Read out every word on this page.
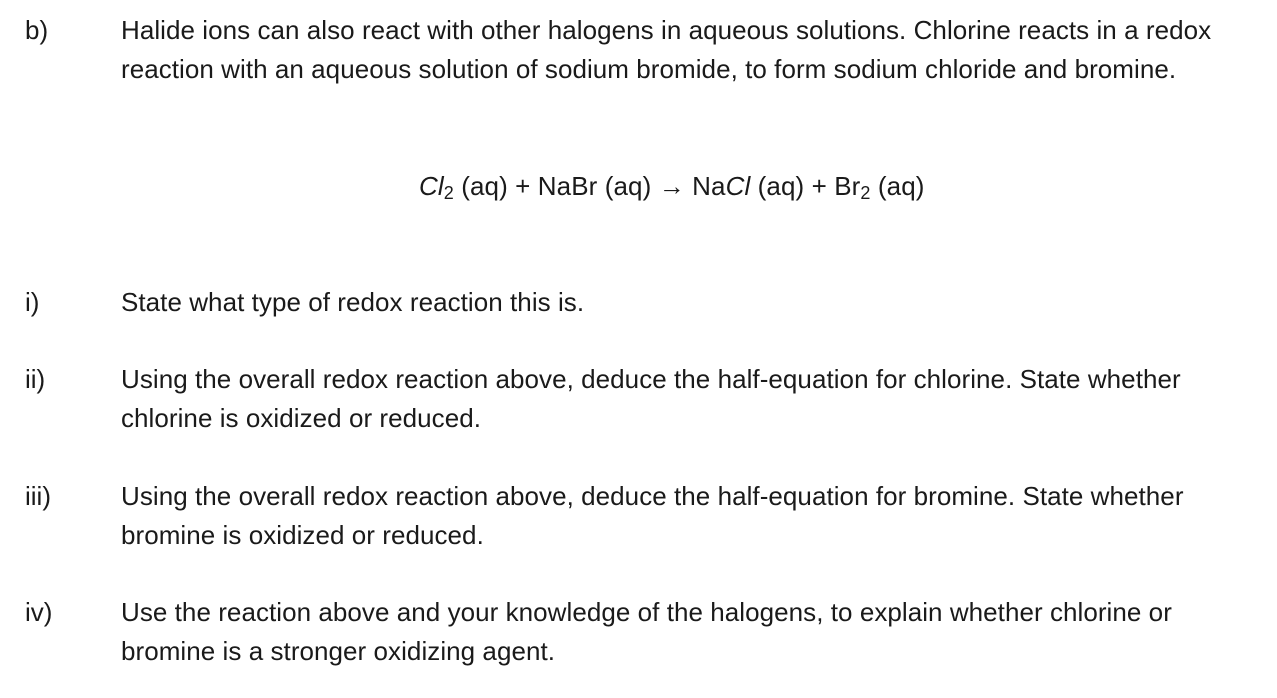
b)	Halide ions can also react with other halogens in aqueous solutions. Chlorine reacts in a redox reaction with an aqueous solution of sodium bromide, to form sodium chloride and bromine.
$Cl_2$ (aq) + NaBr (aq) → NaCl $(aq) + Br_2$ (aq)
i)	State what type of redox reaction this is.
ii)	Using the overall redox reaction above, deduce the half-equation for chlorine. State whether chlorine is oxidized or reduced.
iii)	Using the overall redox reaction above, deduce the half-equation for bromine. State whether bromine is oxidized or reduced.
iv)	Use the reaction above and your knowledge of the halogens, to explain whether chlorine or bromine is a stronger oxidizing agent.
